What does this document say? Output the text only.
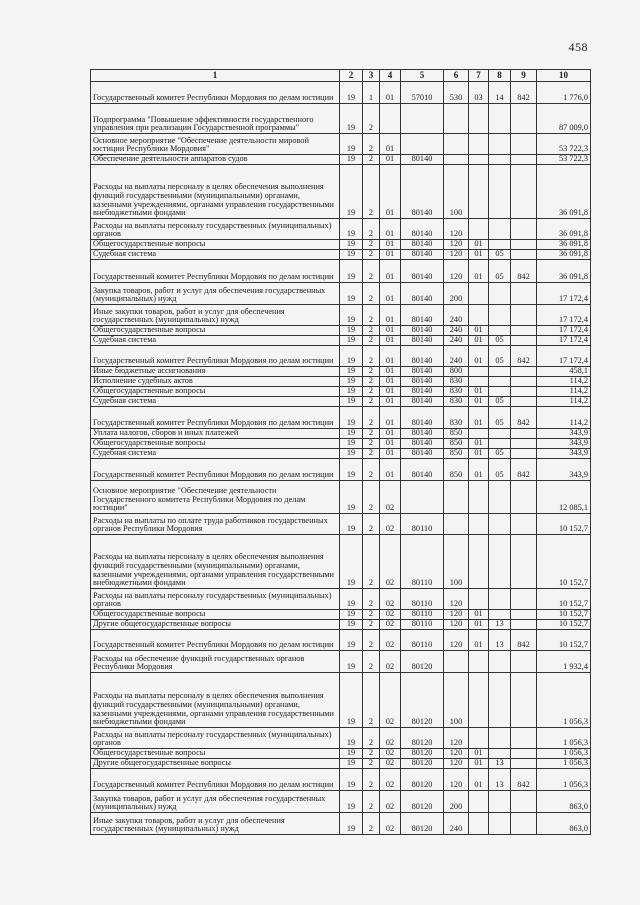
458
1	2	3	4	5	6	7	8	9	10
Государственный комитет Республики Мордовия по делам юстиции	19	1	01	57010	530	03	14	842	1 776,0
Подпрограмма "Повышение эффективности государственного управления при реализации Государственной программы"	19	2							87 009,0
Основное мероприятие "Обеспечение деятельности мировой юстиции Республики Мордовия"	19	2	01						53 722,3
Обеспечение деятельности аппаратов судов	19	2	01	80140					53 722,3
Расходы на выплаты персоналу в целях обеспечения выполнения функций государственными (муниципальными) органами, казенными учреждениями, органами управления государственными внебюджетными фондами	19	2	01	80140	100				36 091,8
Расходы на выплаты персоналу государственных (муниципальных) органов	19	2	01	80140	120				36 091,8
Общегосударственные вопросы	19	2	01	80140	120	01			36 091,8
Судебная система	19	2	01	80140	120	01	05		36 091,8
Государственный комитет Республики Мордовия по делам юстиции	19	2	01	80140	120	01	05	842	36 091,8
Закупка товаров, работ и услуг для обеспечения государственных (муниципальных) нужд	19	2	01	80140	200				17 172,4
Иные закупки товаров, работ и услуг для обеспечения государственных (муниципальных) нужд	19	2	01	80140	240				17 172,4
Общегосударственные вопросы	19	2	01	80140	240	01			17 172,4
Судебная система	19	2	01	80140	240	01	05		17 172,4
Государственный комитет Республики Мордовия по делам юстиции	19	2	01	80140	240	01	05	842	17 172,4
Иные бюджетные ассигнования	19	2	01	80140	800				458,1
Исполнение судебных актов	19	2	01	80140	830				114,2
Общегосударственные вопросы	19	2	01	80140	830	01			114,2
Судебная система	19	2	01	80140	830	01	05		114,2
Государственный комитет Республики Мордовия по делам юстиции	19	2	01	80140	830	01	05	842	114,2
Уплата налогов, сборов и иных платежей	19	2	01	80140	850				343,9
Общегосударственные вопросы	19	2	01	80140	850	01			343,9
Судебная система	19	2	01	80140	850	01	05		343,9
Государственный комитет Республики Мордовия по делам юстиции	19	2	01	80140	850	01	05	842	343,9
Основное мероприятие "Обеспечение деятельности Государственного комитета Республики Мордовия по делам юстиции"	19	2	02						12 085,1
Расходы на выплаты по оплате труда работников государственных органов Республики Мордовия	19	2	02	80110					10 152,7
Расходы на выплаты персоналу в целях обеспечения выполнения функций государственными (муниципальными) органами, казенными учреждениями, органами управления государственными внебюджетными фондами	19	2	02	80110	100				10 152,7
Расходы на выплаты персоналу государственных (муниципальных) органов	19	2	02	80110	120				10 152,7
Общегосударственные вопросы	19	2	02	80110	120	01			10 152,7
Другие общегосударственные вопросы	19	2	02	80110	120	01	13		10 152,7
Государственный комитет Республики Мордовия по делам юстиции	19	2	02	80110	120	01	13	842	10 152,7
Расходы на обеспечение функций государственных органов Республики Мордовия	19	2	02	80120					1 932,4
Расходы на выплаты персоналу в целях обеспечения выполнения функций государственными (муниципальными) органами, казенными учреждениями, органами управления государственными внебюджетными фондами	19	2	02	80120	100				1 056,3
Расходы на выплаты персоналу государственных (муниципальных) органов	19	2	02	80120	120				1 056,3
Общегосударственные вопросы	19	2	02	80120	120	01			1 056,3
Другие общегосударственные вопросы	19	2	02	80120	120	01	13		1 056,3
Государственный комитет Республики Мордовия по делам юстиции	19	2	02	80120	120	01	13	842	1 056,3
Закупка товаров, работ и услуг для обеспечения государственных (муниципальных) нужд	19	2	02	80120	200				863,0
Иные закупки товаров, работ и услуг для обеспечения государственных (муниципальных) нужд	19	2	02	80120	240				863,0
